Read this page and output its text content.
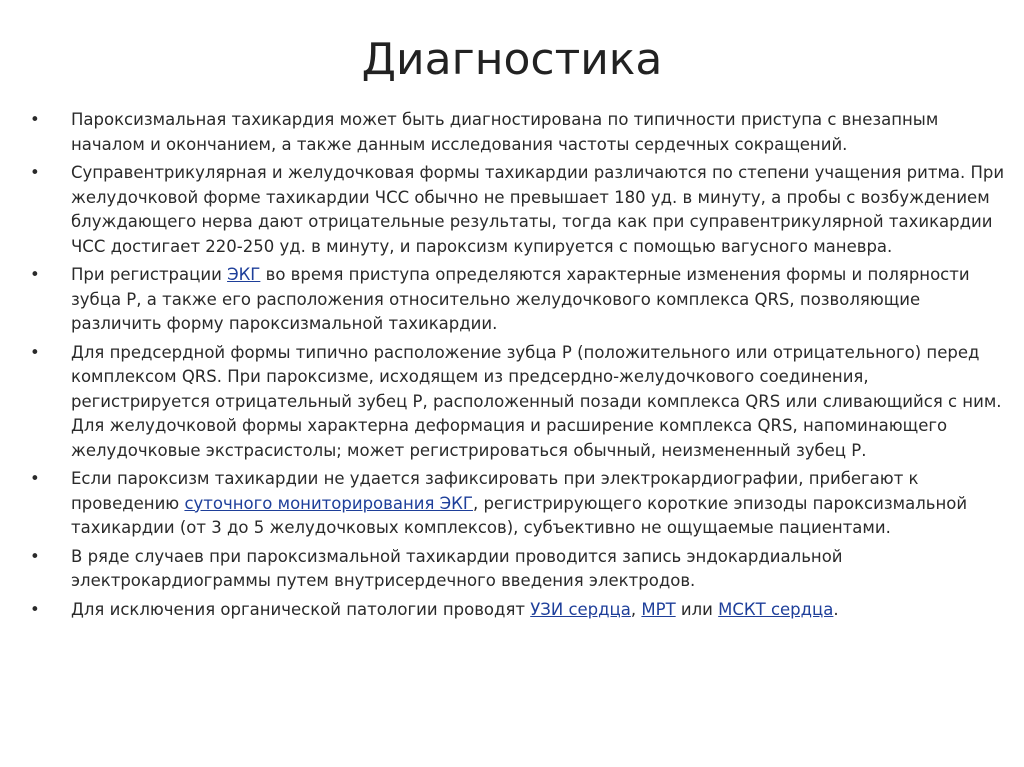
Диагностика
• Пароксизмальная тахикардия может быть диагностирована по типичности приступа с внезапным началом и окончанием, а также данным исследования частоты сердечных сокращений.
• Суправентрикулярная и желудочковая формы тахикардии различаются по степени учащения ритма. При желудочковой форме тахикардии ЧСС обычно не превышает 180 уд. в минуту, а пробы с возбуждением блуждающего нерва дают отрицательные результаты, тогда как при суправентрикулярной тахикардии ЧСС достигает 220-250 уд. в минуту, и пароксизм купируется с помощью вагусного маневра.
• При регистрации ЭКГ во время приступа определяются характерные изменения формы и полярности зубца Р, а также его расположения относительно желудочкового комплекса QRS, позволяющие различить форму пароксизмальной тахикардии.
• Для предсердной формы типично расположение зубца P (положительного или отрицательного) перед комплексом QRS. При пароксизме, исходящем из предсердно-желудочкового соединения, регистрируется отрицательный зубец Р, расположенный позади комплекса QRS или сливающийся с ним. Для желудочковой формы характерна деформация и расширение комплекса QRS, напоминающего желудочковые экстрасистолы; может регистрироваться обычный, неизмененный зубец Р.
• Если пароксизм тахикардии не удается зафиксировать при электрокардиографии, прибегают к проведению суточного мониторирования ЭКГ, регистрирующего короткие эпизоды пароксизмальной тахикардии (от 3 до 5 желудочковых комплексов), субъективно не ощущаемые пациентами.
• В ряде случаев при пароксизмальной тахикардии проводится запись эндокардиальной электрокардиограммы путем внутрисердечного введения электродов.
• Для исключения органической патологии проводят УЗИ сердца, МРТ или МСКТ сердца.
